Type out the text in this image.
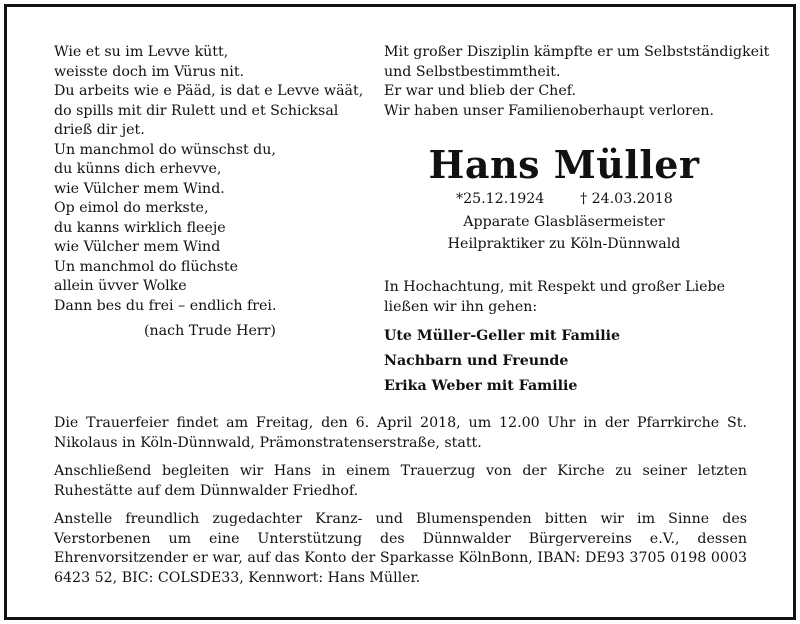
Wie et su im Levve kütt,
weisste doch im Vürus nit.
Du arbeits wie e Pääd, is dat e Levve wäät,
do spills mit dir Rulett und et Schicksal
drieß dir jet.
Un manchmol do wünschst du,
du künns dich erhevve,
wie Vülcher mem Wind.
Op eimol do merkste,
du kanns wirklich fleeje
wie Vülcher mem Wind
Un manchmol do flüchste
allein üvver Wolke
Dann bes du frei – endlich frei.
(nach Trude Herr)
Mit großer Disziplin kämpfte er um Selbstständigkeit
und Selbstbestimmtheit.
Er war und blieb der Chef.
Wir haben unser Familienoberhaupt verloren.
Hans Müller
*25.12.1924	† 24.03.2018
Apparate Glasbläsermeister
Heilpraktiker zu Köln-Dünnwald
In Hochachtung, mit Respekt und großer Liebe
ließen wir ihn gehen:
Ute Müller-Geller mit Familie
Nachbarn und Freunde
Erika Weber mit Familie

Die Trauerfeier findet am Freitag, den 6. April 2018, um 12.00 Uhr in der Pfarrkirche St. Nikolaus in Köln-Dünnwald, Prämonstratenserstraße, statt.

Anschließend begleiten wir Hans in einem Trauerzug von der Kirche zu seiner letzten Ruhestätte auf dem Dünnwalder Friedhof.

Anstelle freundlich zugedachter Kranz- und Blumenspenden bitten wir im Sinne des Verstorbenen um eine Unterstützung des Dünnwalder Bürgervereins e.V., dessen Ehrenvorsitzender er war, auf das Konto der Sparkasse KölnBonn, IBAN: DE93 3705 0198 0003 6423 52, BIC: COLSDE33, Kennwort: Hans Müller.
